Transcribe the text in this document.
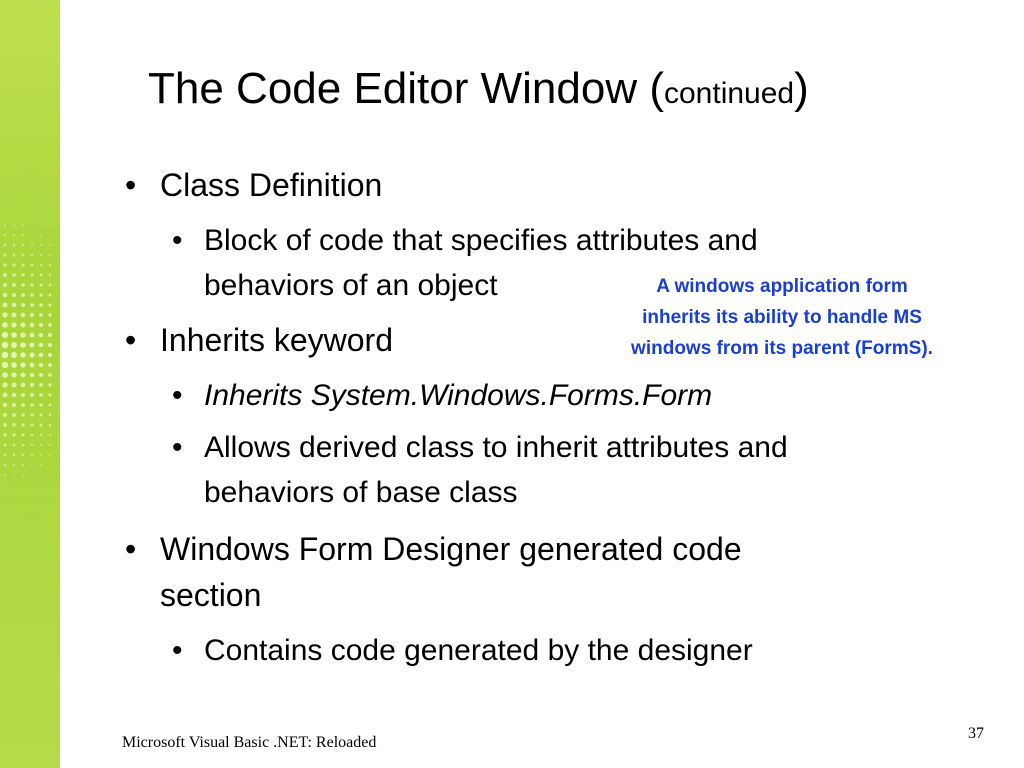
The Code Editor Window (continued)
• Class Definition
• Block of code that specifies attributes and
behaviors of an object
• Inherits keyword
• Inherits System.Windows.Forms.Form
• Allows derived class to inherit attributes and
behaviors of base class
• Windows Form Designer generated code
section
• Contains code generated by the designer
A windows application form
inherits its ability to handle MS
windows from its parent (FormS).
Microsoft Visual Basic .NET: Reloaded
37
